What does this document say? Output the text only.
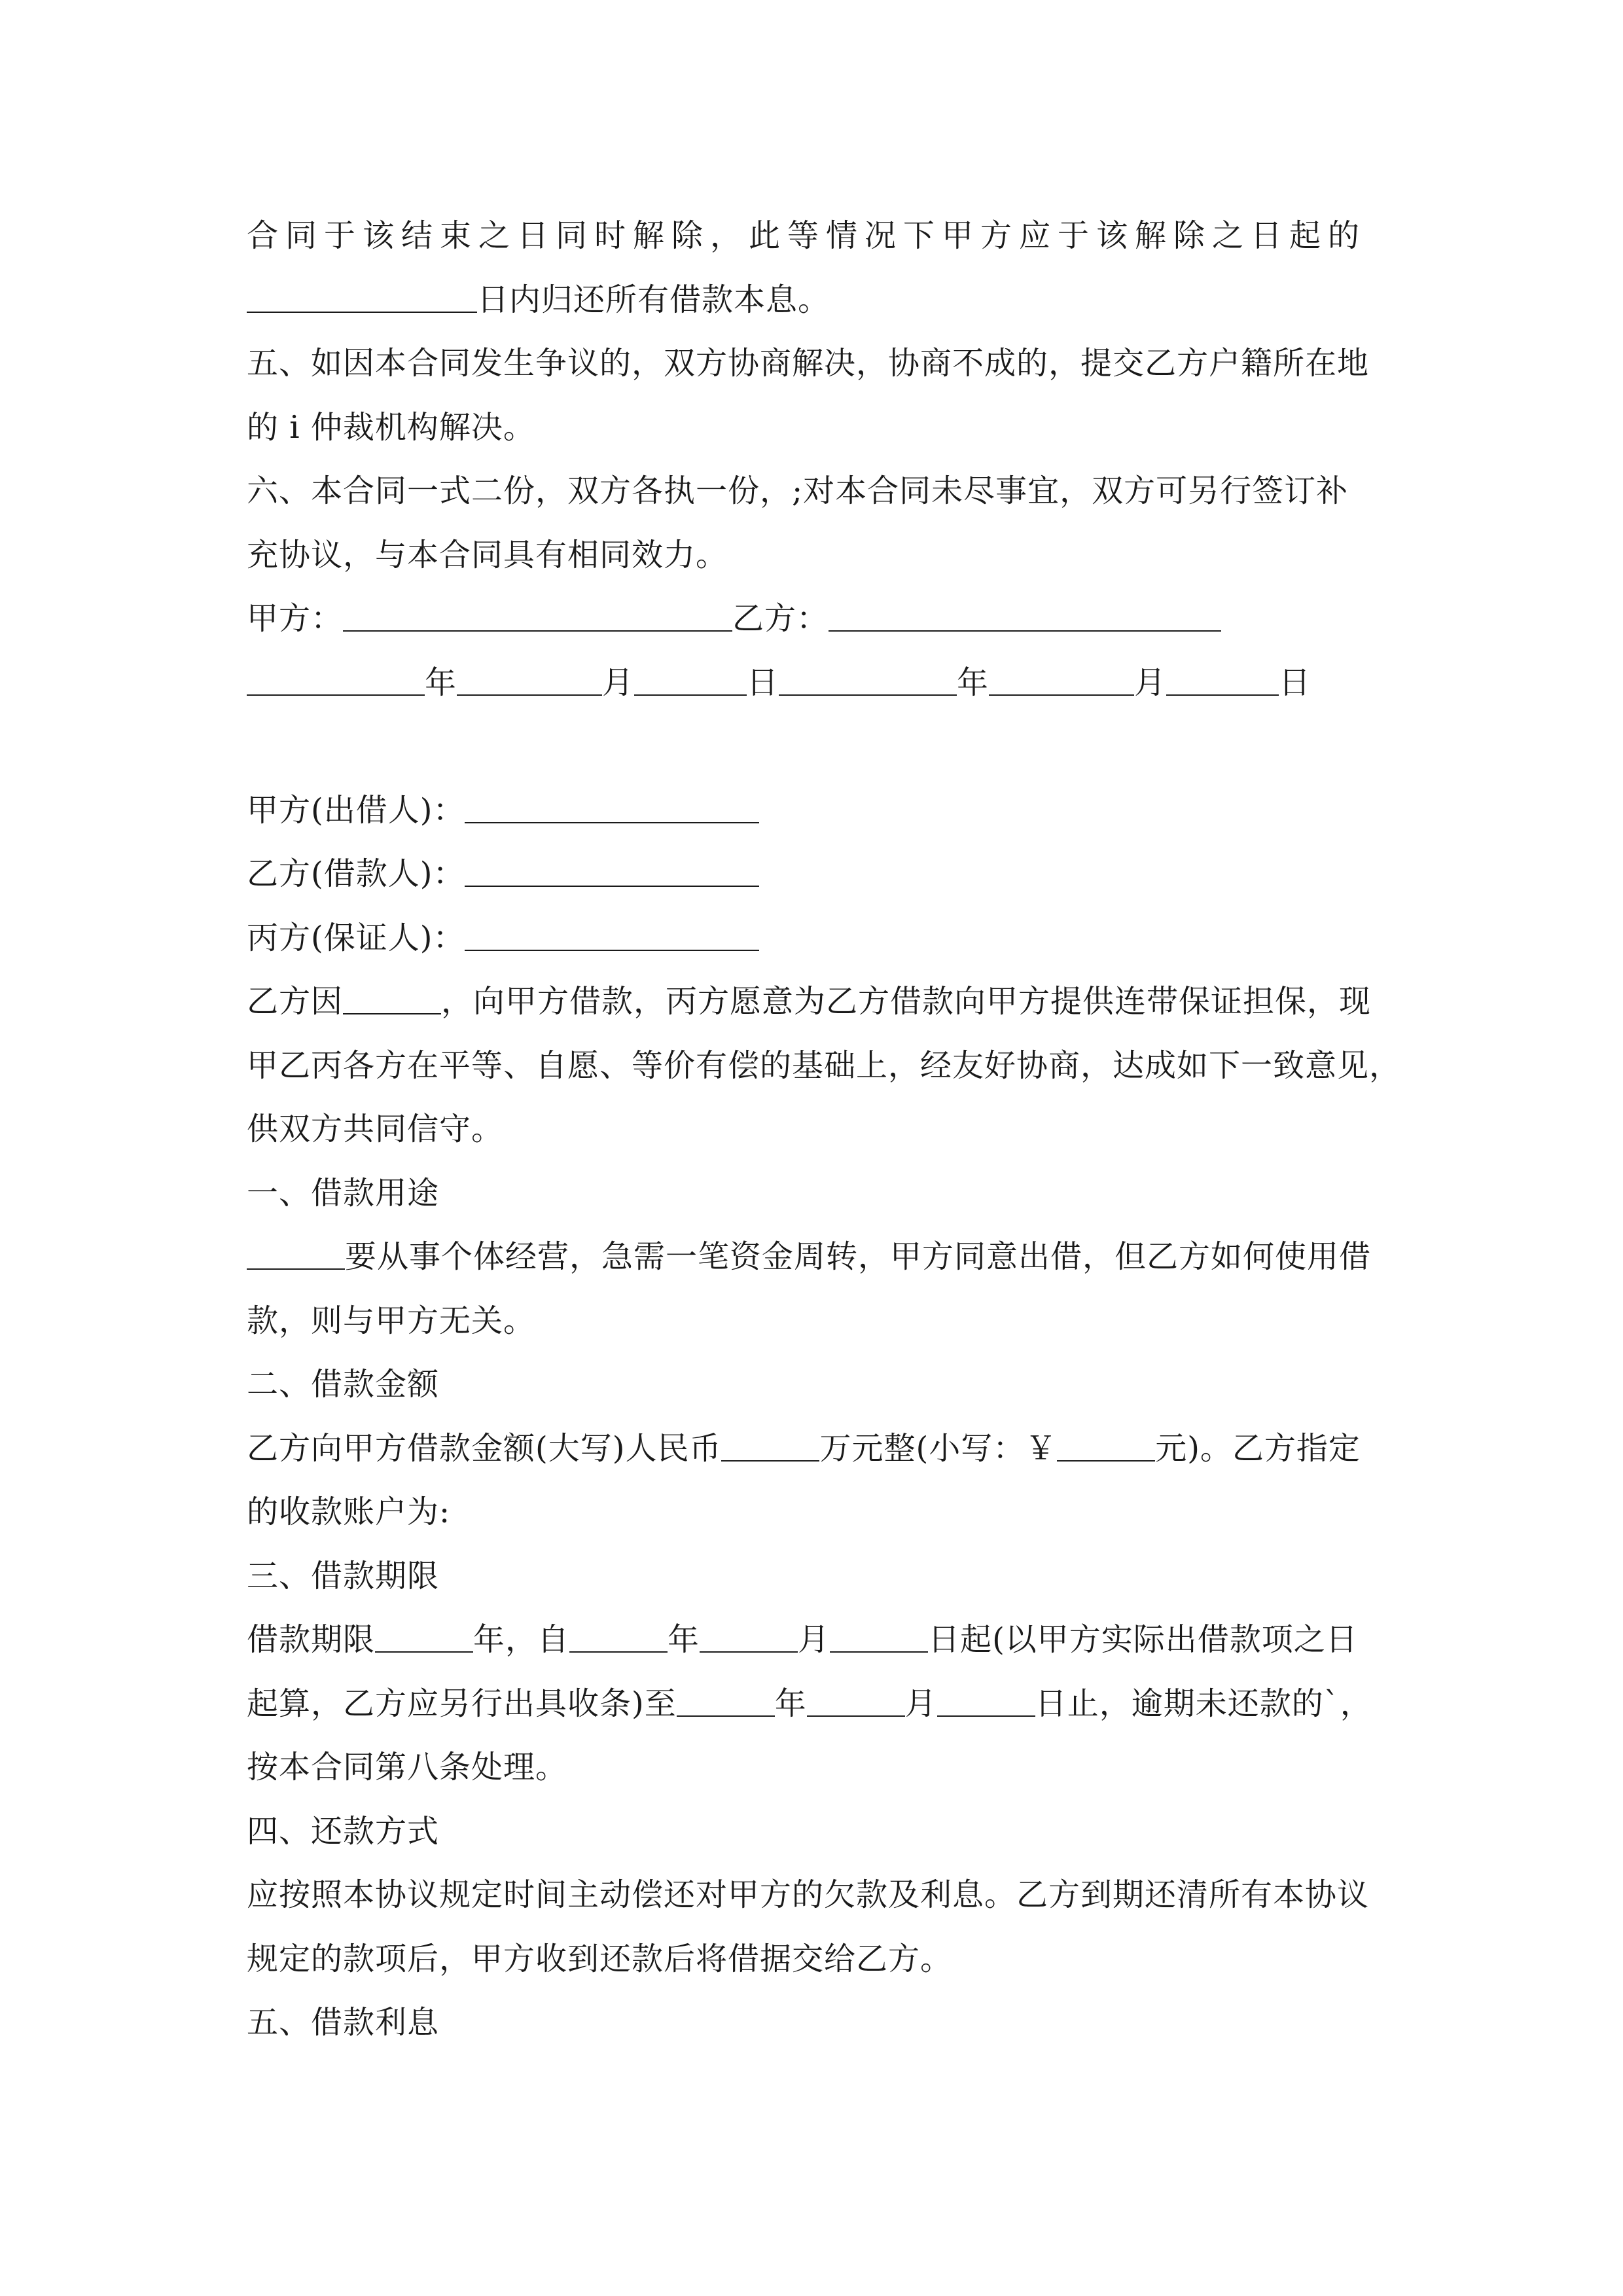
合同于该结束之日同时解除，此等情况下甲方应于该解除之日起的
日内归还所有借款本息。
五、如因本合同发生争议的，双方协商解决，协商不成的，提交乙方户籍所在地
的 i 仲裁机构解决。
六、本合同一式二份，双方各执一份，;对本合同未尽事宜，双方可另行签订补
充协议，与本合同具有相同效力。
甲方：	乙方：
年	月	日	年	月	日
甲方(出借人)：
乙方(借款人)：
丙方(保证人)：
乙方因	，向甲方借款，丙方愿意为乙方借款向甲方提供连带保证担保，现
甲乙丙各方在平等、自愿、等价有偿的基础上，经友好协商，达成如下一致意见，
供双方共同信守。
一、借款用途
要从事个体经营，急需一笔资金周转，甲方同意出借，但乙方如何使用借
款，则与甲方无关。
二、借款金额
乙方向甲方借款金额(大写)人民币	万元整(小写：￥	元)。乙方指定
的收款账户为:
三、借款期限
借款期限	年，自	年	月	日起(以甲方实际出借款项之日
起算，乙方应另行出具收条)至	年	月	日止，逾期未还款的`，
按本合同第八条处理。
四、还款方式
应按照本协议规定时间主动偿还对甲方的欠款及利息。乙方到期还清所有本协议
规定的款项后，甲方收到还款后将借据交给乙方。
五、借款利息
